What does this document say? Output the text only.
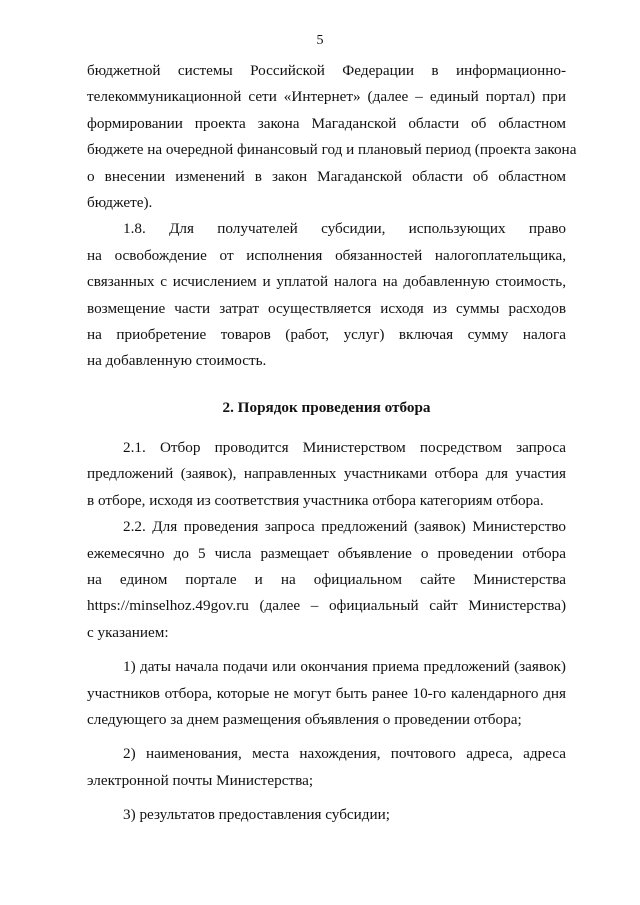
5
бюджетной системы Российской Федерации в информационно-
телекоммуникационной сети «Интернет» (далее – единый портал) при
формировании проекта закона Магаданской области об областном
бюджете на очередной финансовый год и плановый период (проекта закона
о внесении изменений в закон Магаданской области об областном
бюджете).
1.8. Для получателей субсидии, использующих право
на освобождение от исполнения обязанностей налогоплательщика,
связанных с исчислением и уплатой налога на добавленную стоимость,
возмещение части затрат осуществляется исходя из суммы расходов
на приобретение товаров (работ, услуг) включая сумму налога
на добавленную стоимость.
2. Порядок проведения отбора
2.1. Отбор проводится Министерством посредством запроса
предложений (заявок), направленных участниками отбора для участия
в отборе, исходя из соответствия участника отбора категориям отбора.
2.2. Для проведения запроса предложений (заявок) Министерство
ежемесячно до 5 числа размещает объявление о проведении отбора
на едином портале и на официальном сайте Министерства
https://minselhoz.49gov.ru (далее – официальный сайт Министерства)
с указанием:
1) даты начала подачи или окончания приема предложений (заявок)
участников отбора, которые не могут быть ранее 10-го календарного дня
следующего за днем размещения объявления о проведении отбора;
2) наименования, места нахождения, почтового адреса, адреса
электронной почты Министерства;
3) результатов предоставления субсидии;
